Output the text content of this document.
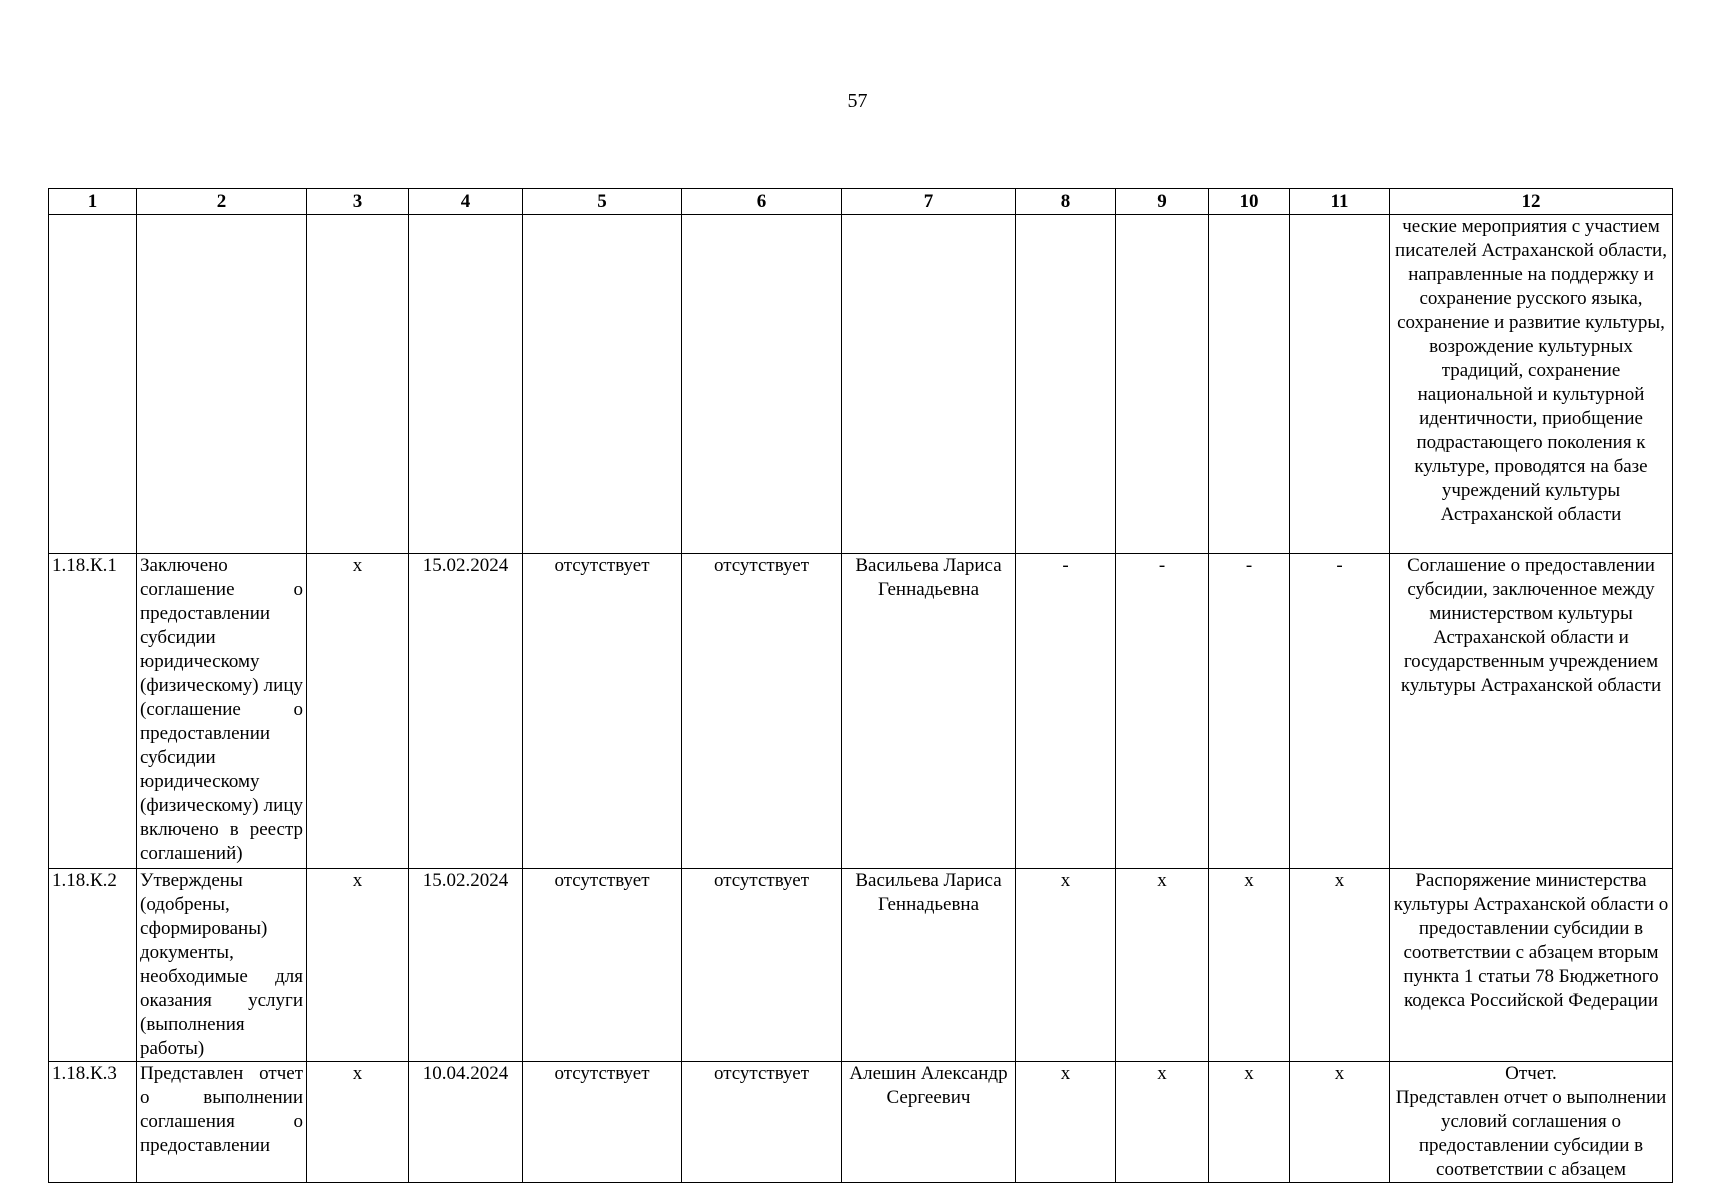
57
1	2	3	4	5	6	7	8	9	10	11	12
											ческие мероприятия с участием писателей Астраханской области, направленные на поддержку и сохранение русского языка, сохранение и развитие культуры, возрождение культурных традиций, сохранение национальной и культурной идентичности, приобщение подрастающего поколения к культуре, проводятся на базе учреждений культуры Астраханской области
1.18.К.1	Заключено соглашение о предоставлении субсидии юридическому (физическому) лицу (соглашение о предоставлении субсидии юридическому (физическому) лицу включено в реестр соглашений)	x	15.02.2024	отсутствует	отсутствует	Васильева Лариса Геннадьевна	-	-	-	-	Соглашение о предоставлении субсидии, заключенное между министерством культуры Астраханской области и государственным учреждением культуры Астраханской области
1.18.К.2	Утверждены (одобрены, сформированы) документы, необходимые для оказания услуги (выполнения работы)	x	15.02.2024	отсутствует	отсутствует	Васильева Лариса Геннадьевна	x	x	x	x	Распоряжение министерства культуры Астраханской области о предоставлении субсидии в соответствии с абзацем вторым пункта 1 статьи 78 Бюджетного кодекса Российской Федерации
1.18.К.3	Представлен отчет о выполнении соглашения о предоставлении	x	10.04.2024	отсутствует	отсутствует	Алешин Александр Сергеевич	x	x	x	x	Отчет.
Представлен отчет о выполнении условий соглашения о предоставлении субсидии в соответствии с абзацем
